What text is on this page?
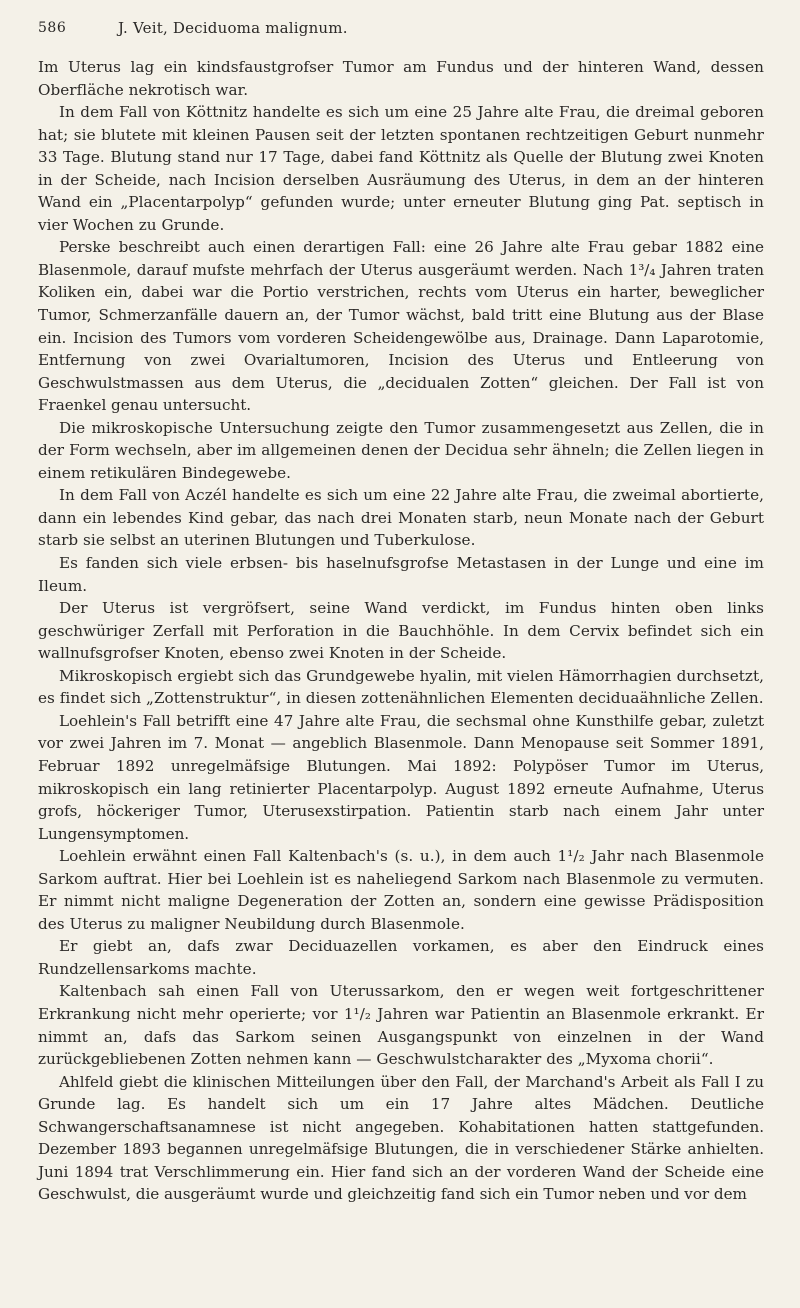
586	J. Veit, Deciduoma malignum.

Im Uterus lag ein kindsfaustgrofser Tumor am Fundus und der hinteren Wand, dessen Oberfläche nekrotisch war.

In dem Fall von Köttnitz handelte es sich um eine 25 Jahre alte Frau, die dreimal geboren hat; sie blutete mit kleinen Pausen seit der letzten spontanen rechtzeitigen Geburt nunmehr 33 Tage. Blutung stand nur 17 Tage, dabei fand Köttnitz als Quelle der Blutung zwei Knoten in der Scheide, nach Incision derselben Ausräumung des Uterus, in dem an der hinteren Wand ein „Placentarpolyp“ gefunden wurde; unter erneuter Blutung ging Pat. septisch in vier Wochen zu Grunde.

Perske beschreibt auch einen derartigen Fall: eine 26 Jahre alte Frau gebar 1882 eine Blasenmole, darauf mufste mehrfach der Uterus ausgeräumt werden. Nach 1³/₄ Jahren traten Koliken ein, dabei war die Portio verstrichen, rechts vom Uterus ein harter, beweglicher Tumor, Schmerzanfälle dauern an, der Tumor wächst, bald tritt eine Blutung aus der Blase ein. Incision des Tumors vom vorderen Scheidengewölbe aus, Drainage. Dann Laparotomie, Entfernung von zwei Ovarialtumoren, Incision des Uterus und Entleerung von Geschwulstmassen aus dem Uterus, die „decidualen Zotten“ gleichen. Der Fall ist von Fraenkel genau untersucht.

Die mikroskopische Untersuchung zeigte den Tumor zusammengesetzt aus Zellen, die in der Form wechseln, aber im allgemeinen denen der Decidua sehr ähneln; die Zellen liegen in einem retikulären Bindegewebe.

In dem Fall von Aczél handelte es sich um eine 22 Jahre alte Frau, die zweimal abortierte, dann ein lebendes Kind gebar, das nach drei Monaten starb, neun Monate nach der Geburt starb sie selbst an uterinen Blutungen und Tuberkulose.

Es fanden sich viele erbsen- bis haselnufsgrofse Metastasen in der Lunge und eine im Ileum.

Der Uterus ist vergröfsert, seine Wand verdickt, im Fundus hinten oben links geschwüriger Zerfall mit Perforation in die Bauchhöhle. In dem Cervix befindet sich ein wallnufsgrofser Knoten, ebenso zwei Knoten in der Scheide.

Mikroskopisch ergiebt sich das Grundgewebe hyalin, mit vielen Hämorrhagien durchsetzt, es findet sich „Zottenstruktur“, in diesen zottenähnlichen Elementen deciduaähnliche Zellen.

Loehlein's Fall betrifft eine 47 Jahre alte Frau, die sechsmal ohne Kunsthilfe gebar, zuletzt vor zwei Jahren im 7. Monat — angeblich Blasenmole. Dann Menopause seit Sommer 1891, Februar 1892 unregelmäfsige Blutungen. Mai 1892: Polypöser Tumor im Uterus, mikroskopisch ein lang retinierter Placentarpolyp. August 1892 erneute Aufnahme, Uterus grofs, höckeriger Tumor, Uterusexstirpation. Patientin starb nach einem Jahr unter Lungensymptomen.

Loehlein erwähnt einen Fall Kaltenbach's (s. u.), in dem auch 1¹/₂ Jahr nach Blasenmole Sarkom auftrat. Hier bei Loehlein ist es naheliegend Sarkom nach Blasenmole zu vermuten. Er nimmt nicht maligne Degeneration der Zotten an, sondern eine gewisse Prädisposition des Uterus zu maligner Neubildung durch Blasenmole.

Er giebt an, dafs zwar Deciduazellen vorkamen, es aber den Eindruck eines Rundzellensarkoms machte.

Kaltenbach sah einen Fall von Uterussarkom, den er wegen weit fortgeschrittener Erkrankung nicht mehr operierte; vor 1¹/₂ Jahren war Patientin an Blasenmole erkrankt. Er nimmt an, dafs das Sarkom seinen Ausgangspunkt von einzelnen in der Wand zurückgebliebenen Zotten nehmen kann — Geschwulstcharakter des „Myxoma chorii“.

Ahlfeld giebt die klinischen Mitteilungen über den Fall, der Marchand's Arbeit als Fall I zu Grunde lag. Es handelt sich um ein 17 Jahre altes Mädchen. Deutliche Schwangerschaftsanamnese ist nicht angegeben. Kohabitationen hatten stattgefunden. Dezember 1893 begannen unregelmäfsige Blutungen, die in verschiedener Stärke anhielten. Juni 1894 trat Verschlimmerung ein. Hier fand sich an der vorderen Wand der Scheide eine Geschwulst, die ausgeräumt wurde und gleichzeitig fand sich ein Tumor neben und vor dem
